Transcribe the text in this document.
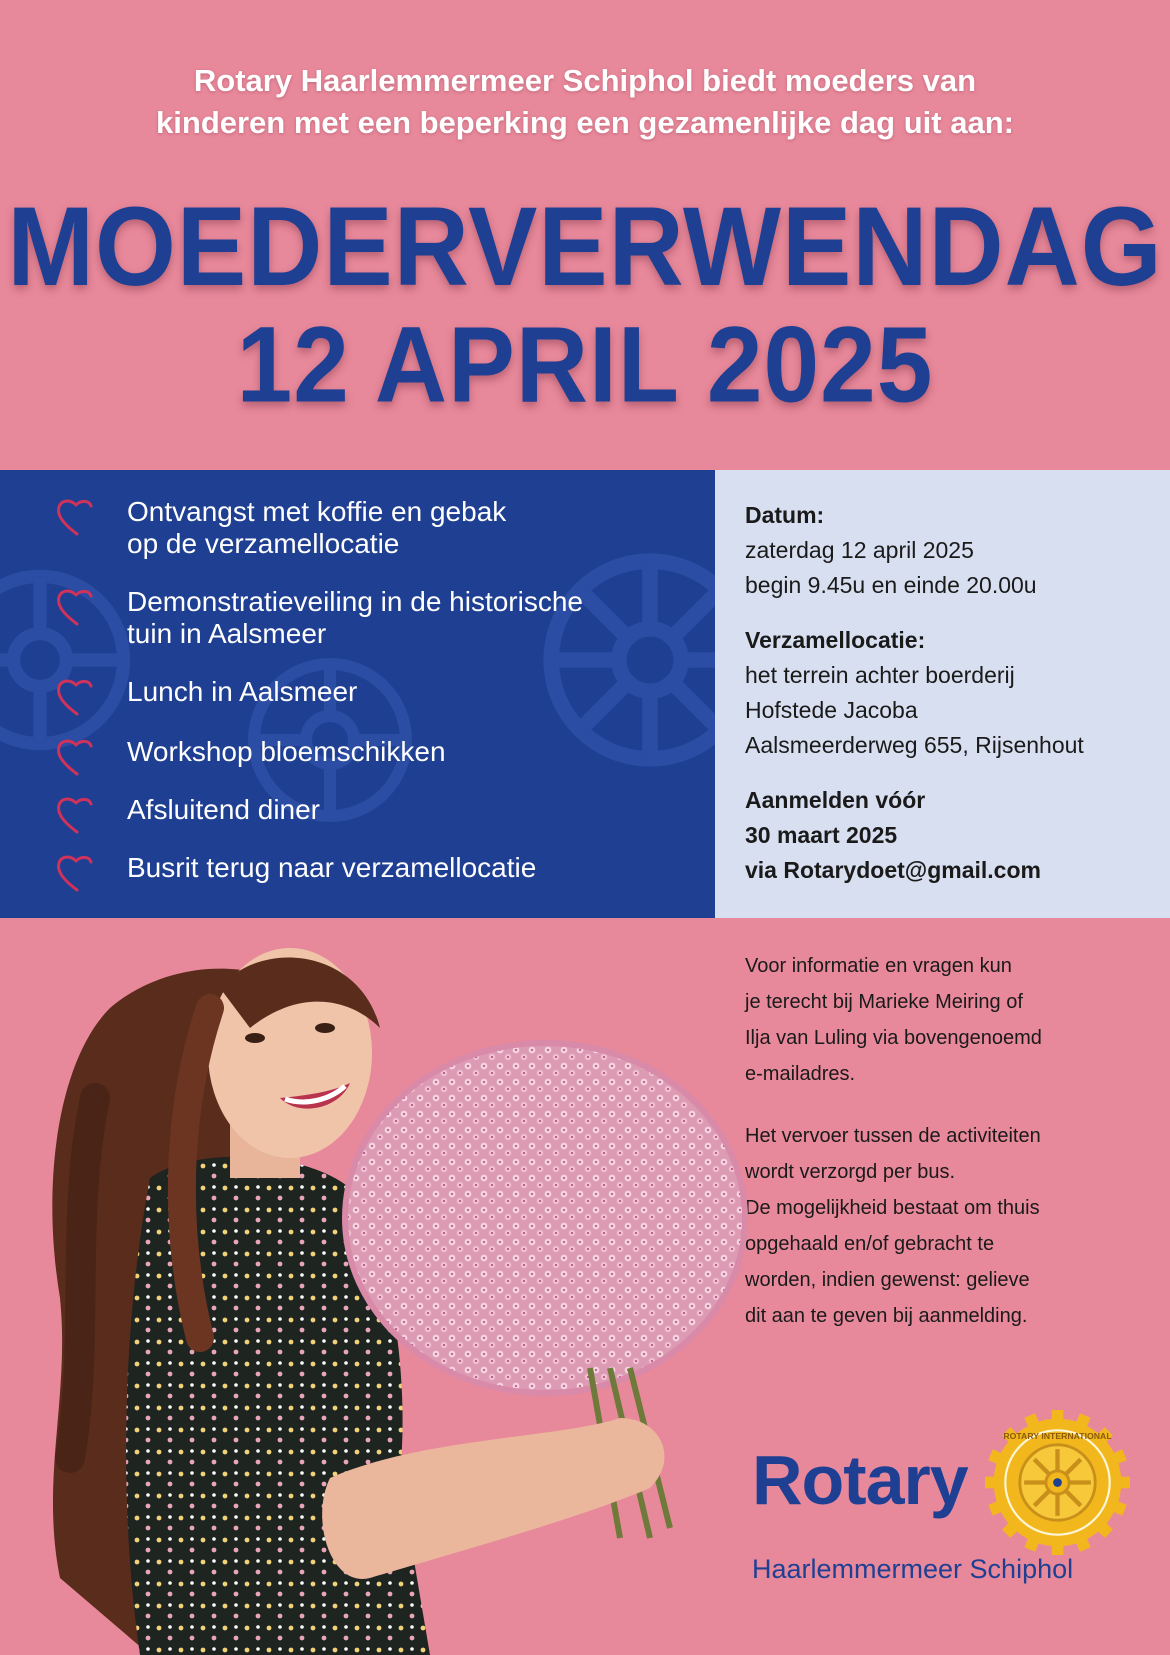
Rotary Haarlemmermeer Schiphol biedt moeders van
kinderen met een beperking een gezamenlijke dag uit aan:
MOEDERVERWENDAG
12 APRIL 2025
Ontvangst met koffie en gebak
op de verzamellocatie
Demonstratieveiling in de historische
tuin in Aalsmeer
Lunch in Aalsmeer
Workshop bloemschikken
Afsluitend diner
Busrit terug naar verzamellocatie
Datum:
zaterdag 12 april 2025
begin 9.45u en einde 20.00u
Verzamellocatie:
het terrein achter boerderij
Hofstede Jacoba
Aalsmeerderweg 655, Rijsenhout
Aanmelden vóór
30 maart 2025
via Rotarydoet@gmail.com
Voor informatie en vragen kun
je terecht bij Marieke Meiring of
Ilja van Luling via bovengenoemd
e-mailadres.
Het vervoer tussen de activiteiten
wordt verzorgd per bus.
De mogelijkheid bestaat om thuis
opgehaald en/of gebracht te
worden, indien gewenst: gelieve
dit aan te geven bij aanmelding.
Rotary
ROTARY INTERNATIONAL
Haarlemmermeer Schiphol
